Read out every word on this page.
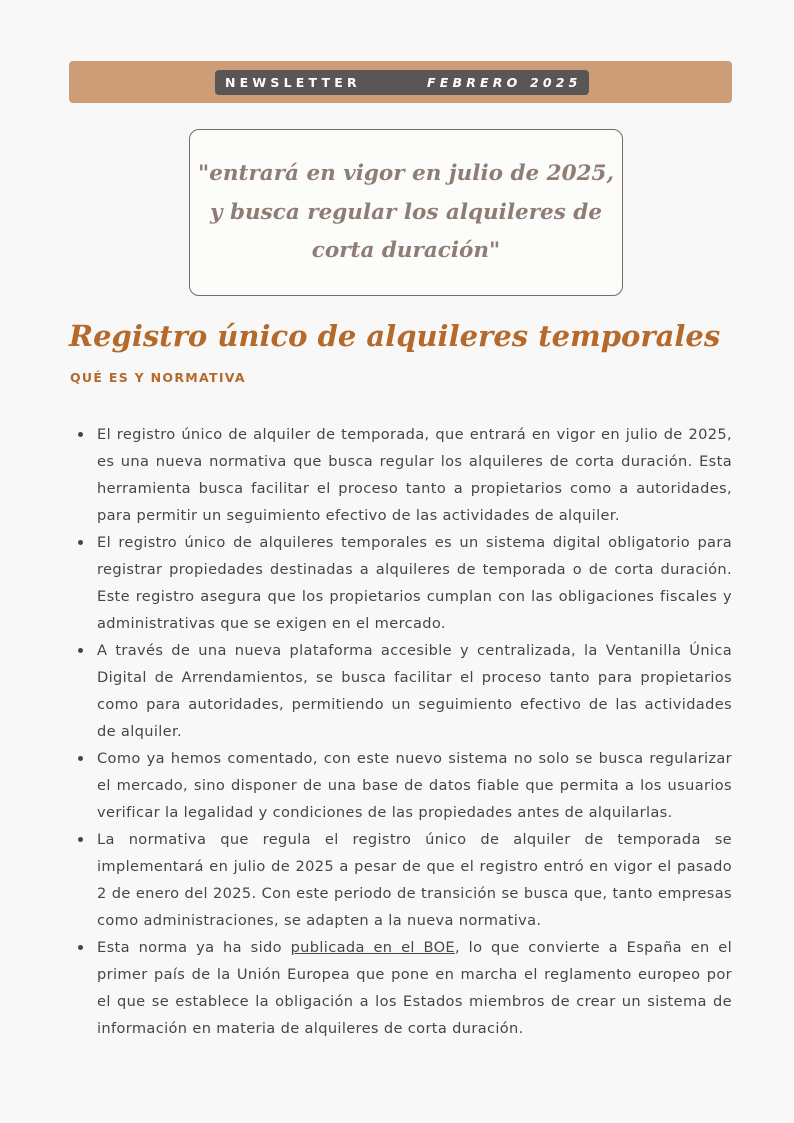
NEWSLETTER	FEBRERO 2025
"entrará en vigor en julio de 2025, y busca regular los alquileres de corta duración"
Registro único de alquileres temporales
QUÉ ES Y NORMATIVA
El registro único de alquiler de temporada, que entrará en vigor en julio de 2025, es una nueva normativa que busca regular los alquileres de corta duración. Esta herramienta busca facilitar el proceso tanto a propietarios como a autoridades, para permitir un seguimiento efectivo de las actividades de alquiler.
El registro único de alquileres temporales es un sistema digital obligatorio para registrar propiedades destinadas a alquileres de temporada o de corta duración. Este registro asegura que los propietarios cumplan con las obligaciones fiscales y administrativas que se exigen en el mercado.
A través de una nueva plataforma accesible y centralizada, la Ventanilla Única Digital de Arrendamientos, se busca facilitar el proceso tanto para propietarios como para autoridades, permitiendo un seguimiento efectivo de las actividades de alquiler.
Como ya hemos comentado, con este nuevo sistema no solo se busca regularizar el mercado, sino disponer de una base de datos fiable que permita a los usuarios verificar la legalidad y condiciones de las propiedades antes de alquilarlas.
La normativa que regula el registro único de alquiler de temporada se implementará en julio de 2025 a pesar de que el registro entró en vigor el pasado 2 de enero del 2025. Con este periodo de transición se busca que, tanto empresas como administraciones, se adapten a la nueva normativa.
Esta norma ya ha sido publicada en el BOE, lo que convierte a España en el primer país de la Unión Europea que pone en marcha el reglamento europeo por el que se establece la obligación a los Estados miembros de crear un sistema de información en materia de alquileres de corta duración.
